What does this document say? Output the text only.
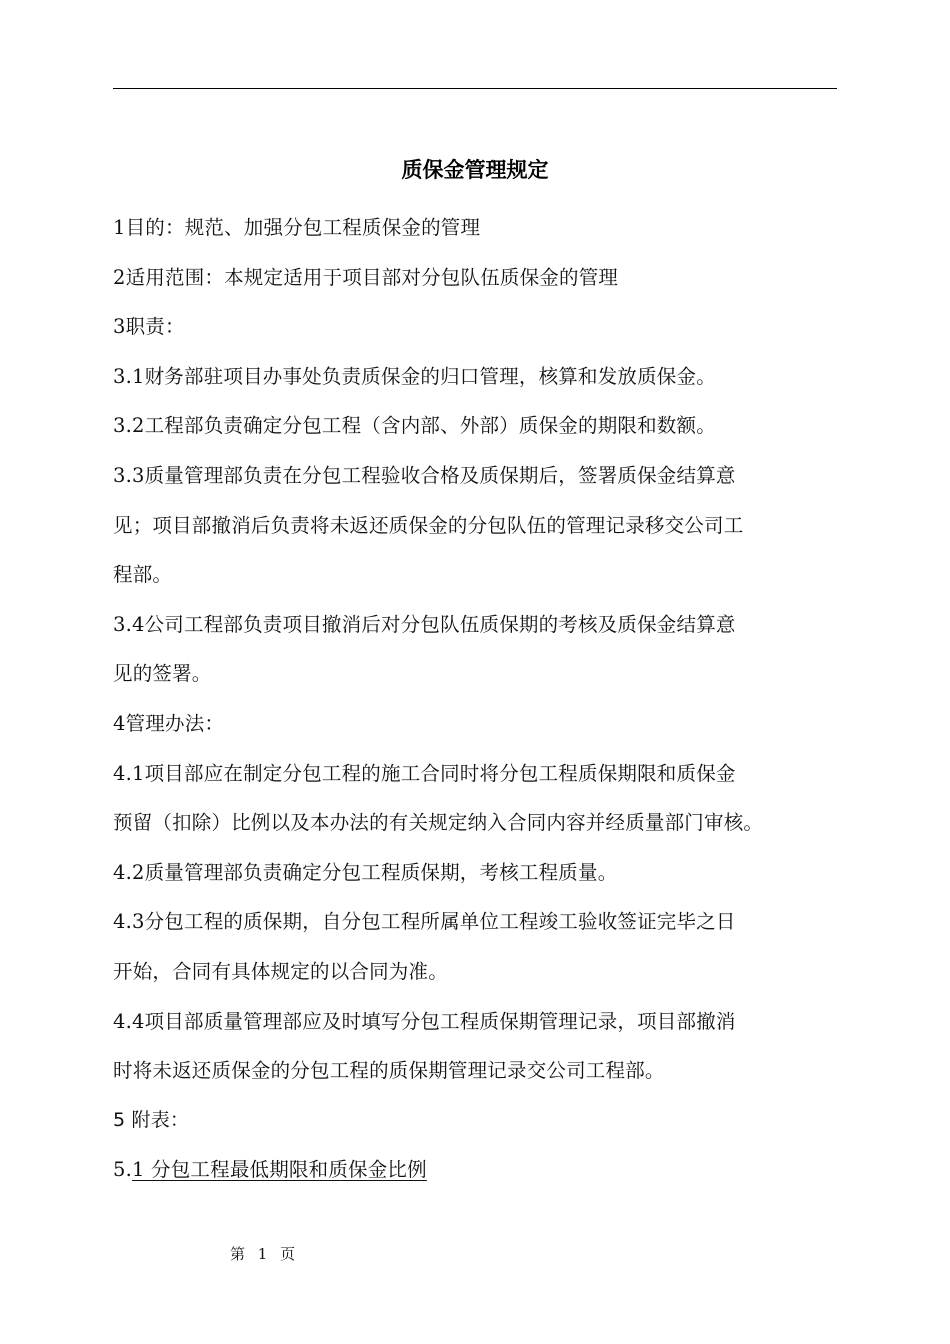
质保金管理规定
1目的：规范、加强分包工程质保金的管理
2适用范围：本规定适用于项目部对分包队伍质保金的管理
3职责：
3.1财务部驻项目办事处负责质保金的归口管理，核算和发放质保金。
3.2工程部负责确定分包工程（含内部、外部）质保金的期限和数额。
3.3质量管理部负责在分包工程验收合格及质保期后，签署质保金结算意
见；项目部撤消后负责将未返还质保金的分包队伍的管理记录移交公司工
程部。
3.4公司工程部负责项目撤消后对分包队伍质保期的考核及质保金结算意
见的签署。
4管理办法：
4.1项目部应在制定分包工程的施工合同时将分包工程质保期限和质保金
预留（扣除）比例以及本办法的有关规定纳入合同内容并经质量部门审核。
4.2质量管理部负责确定分包工程质保期，考核工程质量。
4.3分包工程的质保期，自分包工程所属单位工程竣工验收签证完毕之日
开始，合同有具体规定的以合同为准。
4.4项目部质量管理部应及时填写分包工程质保期管理记录，项目部撤消
时将未返还质保金的分包工程的质保期管理记录交公司工程部。
5 附表：
5.1 分包工程最低期限和质保金比例
第 1 页
